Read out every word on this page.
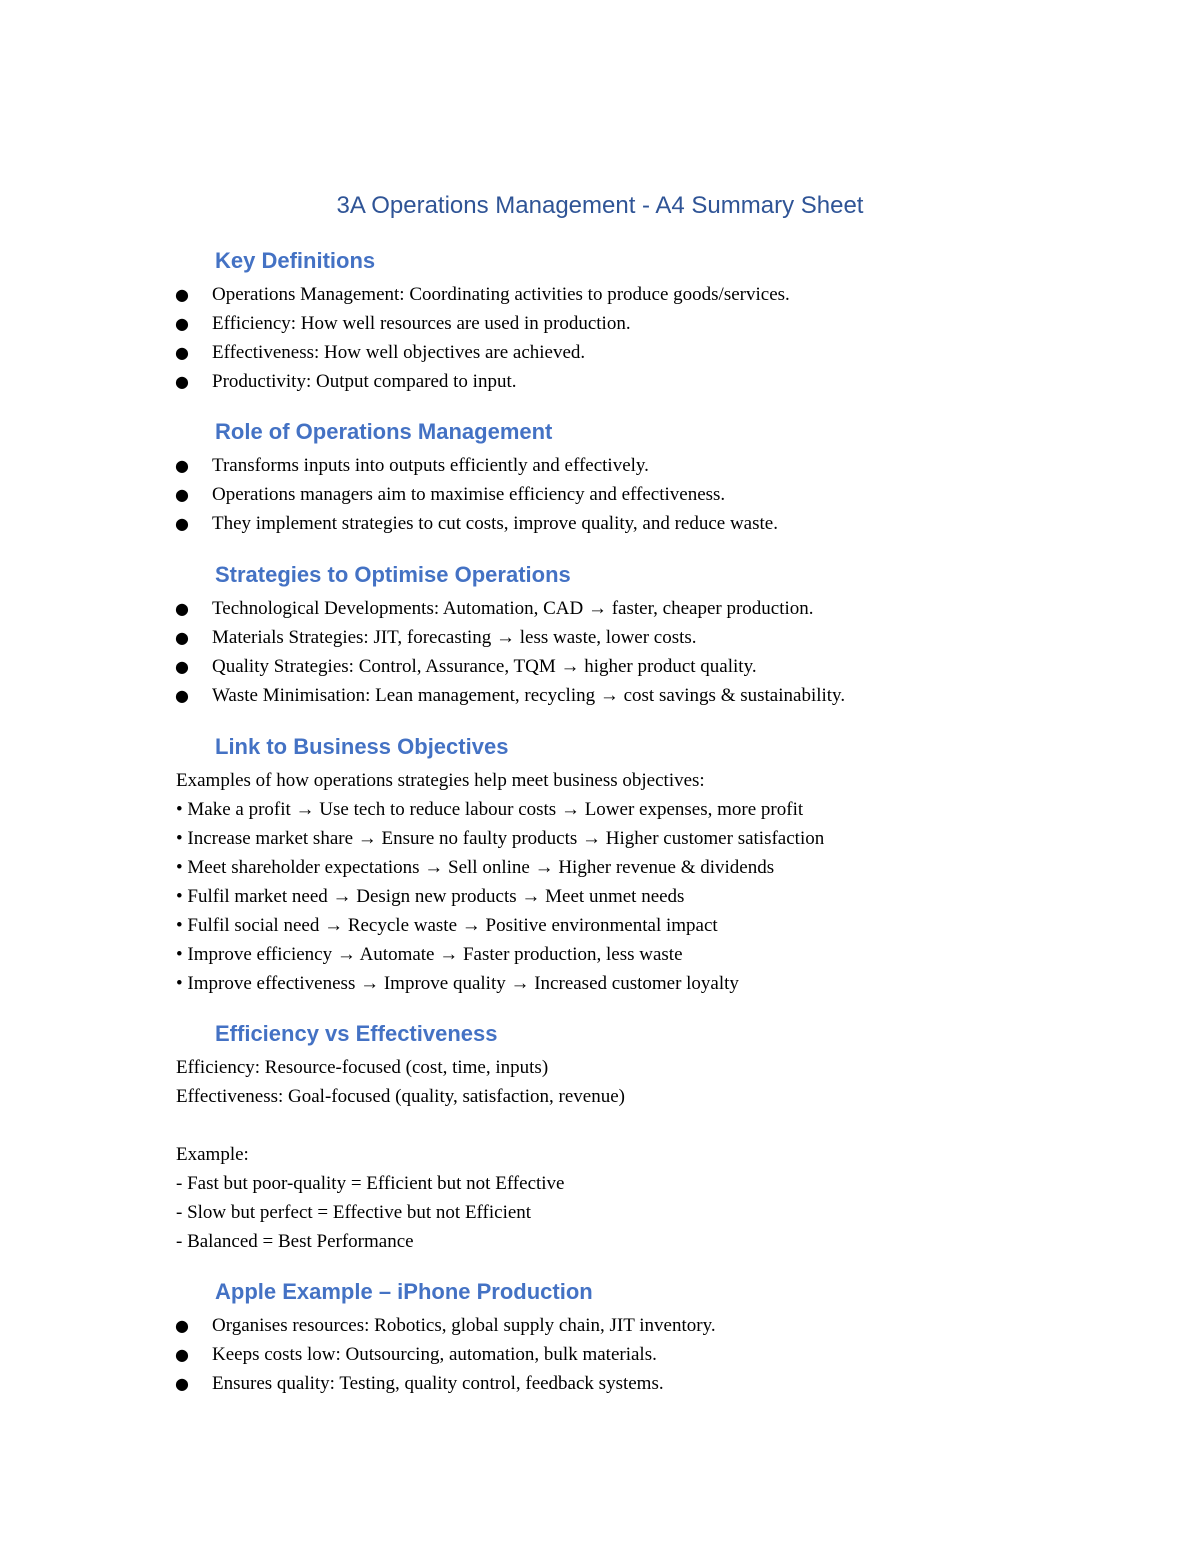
3A Operations Management - A4 Summary Sheet
Key Definitions
● Operations Management: Coordinating activities to produce goods/services.
● Efficiency: How well resources are used in production.
● Effectiveness: How well objectives are achieved.
● Productivity: Output compared to input.
Role of Operations Management
● Transforms inputs into outputs efficiently and effectively.
● Operations managers aim to maximise efficiency and effectiveness.
● They implement strategies to cut costs, improve quality, and reduce waste.
Strategies to Optimise Operations
● Technological Developments: Automation, CAD → faster, cheaper production.
● Materials Strategies: JIT, forecasting → less waste, lower costs.
● Quality Strategies: Control, Assurance, TQM → higher product quality.
● Waste Minimisation: Lean management, recycling → cost savings & sustainability.
Link to Business Objectives
Examples of how operations strategies help meet business objectives:
• Make a profit → Use tech to reduce labour costs → Lower expenses, more profit
• Increase market share → Ensure no faulty products → Higher customer satisfaction
• Meet shareholder expectations → Sell online → Higher revenue & dividends
• Fulfil market need → Design new products → Meet unmet needs
• Fulfil social need → Recycle waste → Positive environmental impact
• Improve efficiency → Automate → Faster production, less waste
• Improve effectiveness → Improve quality → Increased customer loyalty
Efficiency vs Effectiveness
Efficiency: Resource-focused (cost, time, inputs)
Effectiveness: Goal-focused (quality, satisfaction, revenue)
Example:
- Fast but poor-quality = Efficient but not Effective
- Slow but perfect = Effective but not Efficient
- Balanced = Best Performance
Apple Example – iPhone Production
● Organises resources: Robotics, global supply chain, JIT inventory.
● Keeps costs low: Outsourcing, automation, bulk materials.
● Ensures quality: Testing, quality control, feedback systems.
